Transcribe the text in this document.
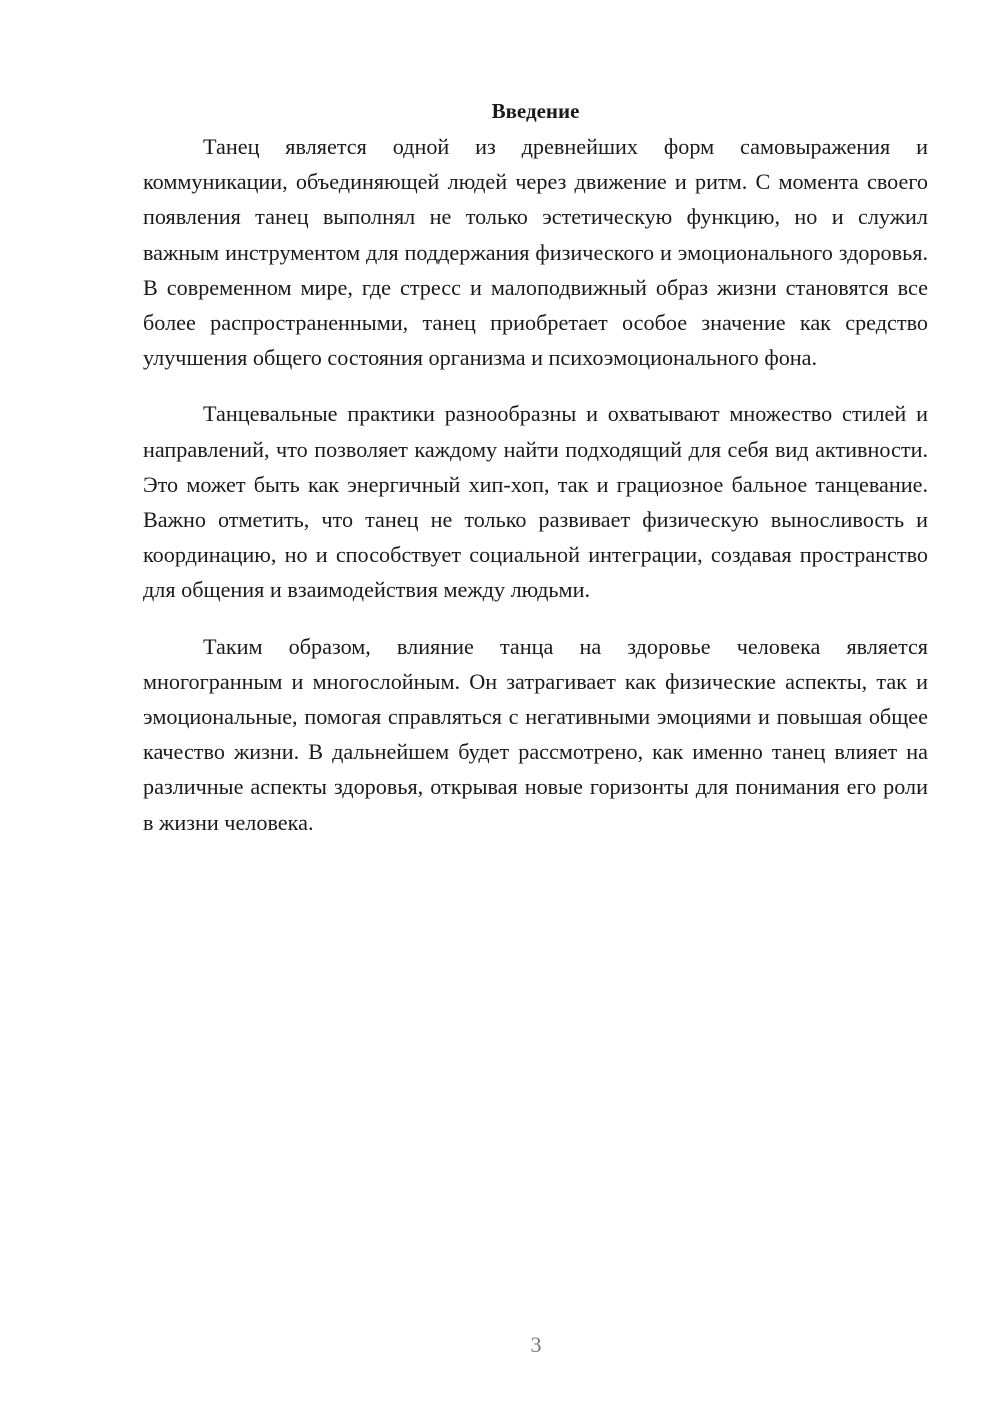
Введение

Танец является одной из древнейших форм самовыражения и коммуникации, объединяющей людей через движение и ритм. С момента своего появления танец выполнял не только эстетическую функцию, но и служил важным инструментом для поддержания физического и эмоционального здоровья. В современном мире, где стресс и малоподвижный образ жизни становятся все более распространенными, танец приобретает особое значение как средство улучшения общего состояния организма и психоэмоционального фона.

Танцевальные практики разнообразны и охватывают множество стилей и направлений, что позволяет каждому найти подходящий для себя вид активности. Это может быть как энергичный хип-хоп, так и грациозное бальное танцевание. Важно отметить, что танец не только развивает физическую выносливость и координацию, но и способствует социальной интеграции, создавая пространство для общения и взаимодействия между людьми.

Таким образом, влияние танца на здоровье человека является многогранным и многослойным. Он затрагивает как физические аспекты, так и эмоциональные, помогая справляться с негативными эмоциями и повышая общее качество жизни. В дальнейшем будет рассмотрено, как именно танец влияет на различные аспекты здоровья, открывая новые горизонты для понимания его роли в жизни человека.

3
